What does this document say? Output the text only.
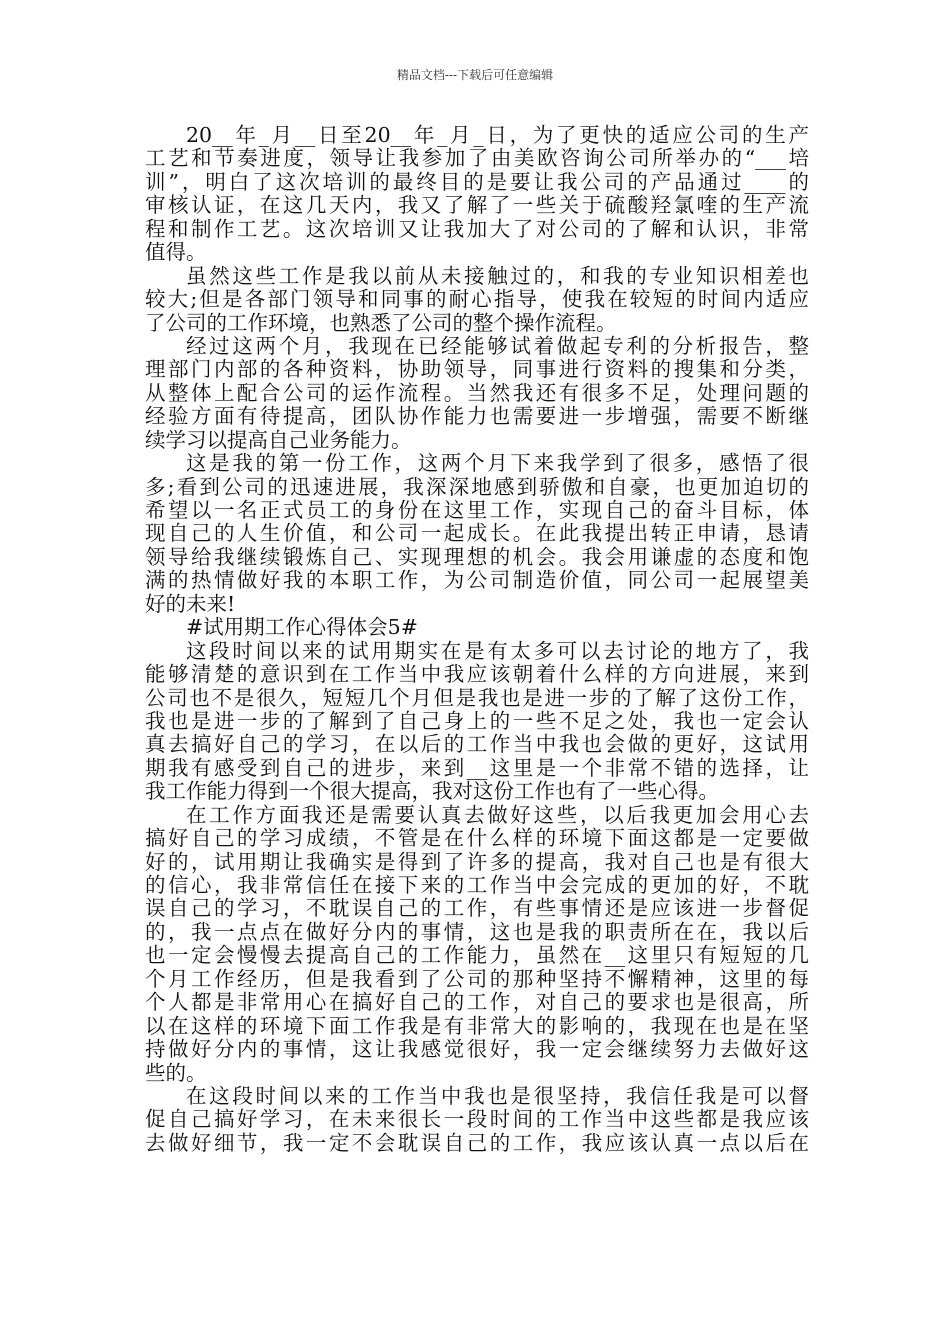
精品文档---下载后可任意编辑
20__年_月__日至20__年_月_日，为了更快的适应公司的生产
工艺和节奏进度，领导让我参加了由美欧咨询公司所举办的“___培
训”，明白了这次培训的最终目的是要让我公司的产品通过____的
审核认证，在这几天内，我又了解了一些关于硫酸羟氯喹的生产流
程和制作工艺。这次培训又让我加大了对公司的了解和认识，非常
值得。
虽然这些工作是我以前从未接触过的，和我的专业知识相差也
较大;但是各部门领导和同事的耐心指导，使我在较短的时间内适应
了公司的工作环境，也熟悉了公司的整个操作流程。
经过这两个月，我现在已经能够试着做起专利的分析报告，整
理部门内部的各种资料，协助领导，同事进行资料的搜集和分类，
从整体上配合公司的运作流程。当然我还有很多不足，处理问题的
经验方面有待提高，团队协作能力也需要进一步增强，需要不断继
续学习以提高自己业务能力。
这是我的第一份工作，这两个月下来我学到了很多，感悟了很
多;看到公司的迅速进展，我深深地感到骄傲和自豪，也更加迫切的
希望以一名正式员工的身份在这里工作，实现自己的奋斗目标，体
现自己的人生价值，和公司一起成长。在此我提出转正申请，恳请
领导给我继续锻炼自己、实现理想的机会。我会用谦虚的态度和饱
满的热情做好我的本职工作，为公司制造价值，同公司一起展望美
好的未来!
#试用期工作心得体会5#
这段时间以来的试用期实在是有太多可以去讨论的地方了，我
能够清楚的意识到在工作当中我应该朝着什么样的方向进展，来到
公司也不是很久，短短几个月但是我也是进一步的了解了这份工作，
我也是进一步的了解到了自己身上的一些不足之处，我也一定会认
真去搞好自己的学习，在以后的工作当中我也会做的更好，这试用
期我有感受到自己的进步，来到__这里是一个非常不错的选择，让
我工作能力得到一个很大提高，我对这份工作也有了一些心得。
在工作方面我还是需要认真去做好这些，以后我更加会用心去
搞好自己的学习成绩，不管是在什么样的环境下面这都是一定要做
好的，试用期让我确实是得到了许多的提高，我对自己也是有很大
的信心，我非常信任在接下来的工作当中会完成的更加的好，不耽
误自己的学习，不耽误自己的工作，有些事情还是应该进一步督促
的，我一点点在做好分内的事情，这也是我的职责所在在，我以后
也一定会慢慢去提高自己的工作能力，虽然在__这里只有短短的几
个月工作经历，但是我看到了公司的那种坚持不懈精神，这里的每
个人都是非常用心在搞好自己的工作，对自己的要求也是很高，所
以在这样的环境下面工作我是有非常大的影响的，我现在也是在坚
持做好分内的事情，这让我感觉很好，我一定会继续努力去做好这
些的。
在这段时间以来的工作当中我也是很坚持，我信任我是可以督
促自己搞好学习，在未来很长一段时间的工作当中这些都是我应该
去做好细节，我一定不会耽误自己的工作，我应该认真一点以后在
